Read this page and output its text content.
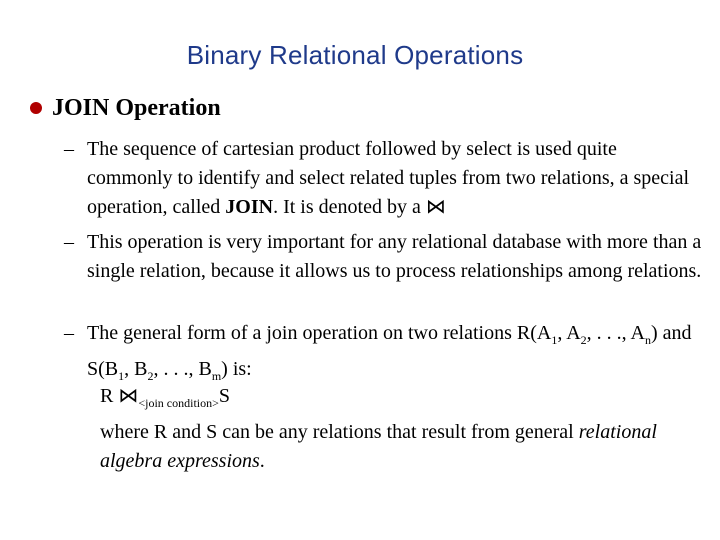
Binary Relational Operations
JOIN Operation
– The sequence of cartesian product followed by select is used quite commonly to identify and select related tuples from two relations, a special operation, called JOIN. It is denoted by a ⋈
– This operation is very important for any relational database with more than a single relation, because it allows us to process relationships among relations.
– The general form of a join operation on two relations $R(A_1$, $A_2$, . . ., $A_n$) and $S(B_1$, $B_2$, . . ., $B_m$) is:
R $⋈_{<join condition>}S$
where R and S can be any relations that result from general relational algebra expressions.
